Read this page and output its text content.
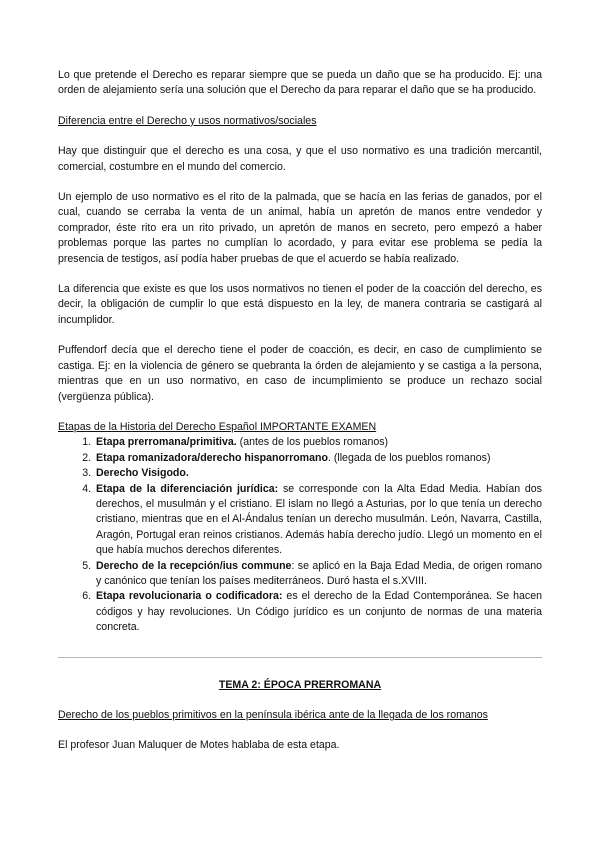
Lo que pretende el Derecho es reparar siempre que se pueda un daño que se ha producido. Ej: una orden de alejamiento sería una solución que el Derecho da para reparar el daño que se ha producido.

Diferencia entre el Derecho y usos normativos/sociales

Hay que distinguir que el derecho es una cosa, y que el uso normativo es una tradición mercantil, comercial, costumbre en el mundo del comercio.

Un ejemplo de uso normativo es el rito de la palmada, que se hacía en las ferias de ganados, por el cual, cuando se cerraba la venta de un animal, había un apretón de manos entre vendedor y comprador, éste rito era un rito privado, un apretón de manos en secreto, pero empezó a haber problemas porque las partes no cumplían lo acordado, y para evitar ese problema se pedía la presencia de testigos, así podía haber pruebas de que el acuerdo se había realizado.

La diferencia que existe es que los usos normativos no tienen el poder de la coacción del derecho, es decir, la obligación de cumplir lo que está dispuesto en la ley, de manera contraria se castigará al incumplidor.

Puffendorf decía que el derecho tiene el poder de coacción, es decir, en caso de cumplimiento se castiga. Ej: en la violencia de género se quebranta la órden de alejamiento y se castiga a la persona, mientras que en un uso normativo, en caso de incumplimiento se produce un rechazo social (vergüenza pública).

Etapas de la Historia del Derecho Español IMPORTANTE EXAMEN

1. Etapa prerromana/primitiva. (antes de los pueblos romanos)
2. Etapa romanizadora/derecho hispanorromano. (llegada de los pueblos romanos)
3. Derecho Visigodo.
4. Etapa de la diferenciación jurídica: se corresponde con la Alta Edad Media. Habían dos derechos, el musulmán y el cristiano. El islam no llegó a Asturias, por lo que tenía un derecho cristiano, mientras que en el Al-Ándalus tenían un derecho musulmán. León, Navarra, Castilla, Aragón, Portugal eran reinos cristianos. Además había derecho judío. Llegó un momento en el que había muchos derechos diferentes.
5. Derecho de la recepción/ius commune: se aplicó en la Baja Edad Media, de origen romano y canónico que tenían los países mediterráneos. Duró hasta el s.XVIII.
6. Etapa revolucionaria o codificadora: es el derecho de la Edad Contemporánea. Se hacen códigos y hay revoluciones. Un Código jurídico es un conjunto de normas de una materia concreta.

TEMA 2: ÉPOCA PRERROMANA

Derecho de los pueblos primitivos en la península ibérica ante de la llegada de los romanos

El profesor Juan Maluquer de Motes hablaba de esta etapa.
